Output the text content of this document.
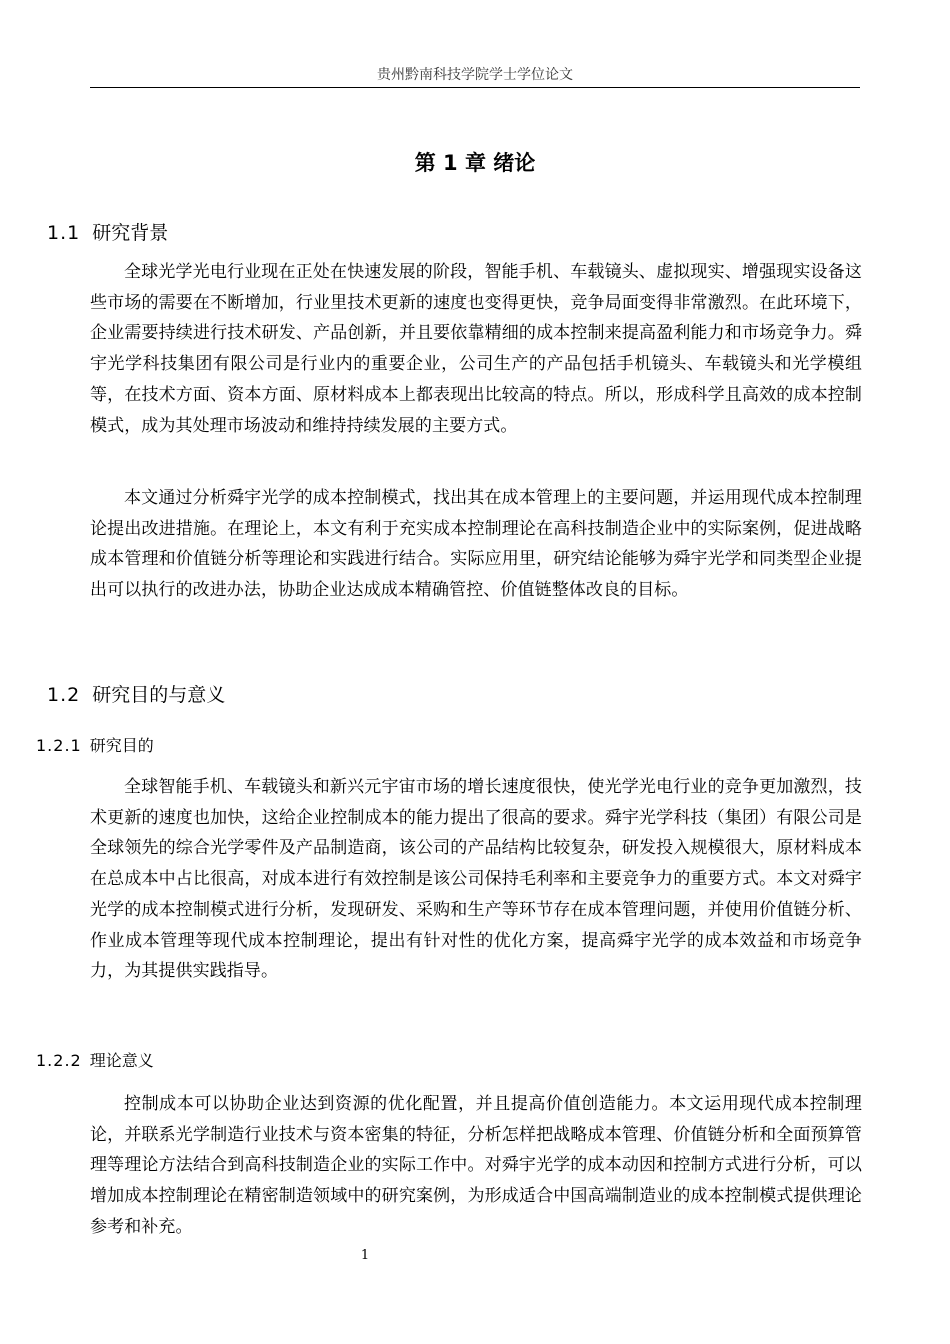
贵州黔南科技学院学士学位论文
第 1 章 绪论
1.1 研究背景

全球光学光电行业现在正处在快速发展的阶段，智能手机、车载镜头、虚拟现实、增强现实设备这些市场的需要在不断增加，行业里技术更新的速度也变得更快，竞争局面变得非常激烈。在此环境下，企业需要持续进行技术研发、产品创新，并且要依靠精细的成本控制来提高盈利能力和市场竞争力。舜宇光学科技集团有限公司是行业内的重要企业，公司生产的产品包括手机镜头、车载镜头和光学模组等，在技术方面、资本方面、原材料成本上都表现出比较高的特点。所以，形成科学且高效的成本控制模式，成为其处理市场波动和维持持续发展的主要方式。

本文通过分析舜宇光学的成本控制模式，找出其在成本管理上的主要问题，并运用现代成本控制理论提出改进措施。在理论上，本文有利于充实成本控制理论在高科技制造企业中的实际案例，促进战略成本管理和价值链分析等理论和实践进行结合。实际应用里，研究结论能够为舜宇光学和同类型企业提出可以执行的改进办法，协助企业达成成本精确管控、价值链整体改良的目标。

1.2 研究目的与意义
1.2.1 研究目的

全球智能手机、车载镜头和新兴元宇宙市场的增长速度很快，使光学光电行业的竞争更加激烈，技术更新的速度也加快，这给企业控制成本的能力提出了很高的要求。舜宇光学科技（集团）有限公司是全球领先的综合光学零件及产品制造商，该公司的产品结构比较复杂，研发投入规模很大，原材料成本在总成本中占比很高，对成本进行有效控制是该公司保持毛利率和主要竞争力的重要方式。本文对舜宇光学的成本控制模式进行分析，发现研发、采购和生产等环节存在成本管理问题，并使用价值链分析、作业成本管理等现代成本控制理论，提出有针对性的优化方案，提高舜宇光学的成本效益和市场竞争力，为其提供实践指导。

1.2.2 理论意义

控制成本可以协助企业达到资源的优化配置，并且提高价值创造能力。本文运用现代成本控制理论，并联系光学制造行业技术与资本密集的特征，分析怎样把战略成本管理、价值链分析和全面预算管理等理论方法结合到高科技制造企业的实际工作中。对舜宇光学的成本动因和控制方式进行分析，可以增加成本控制理论在精密制造领域中的研究案例，为形成适合中国高端制造业的成本控制模式提供理论参考和补充。

1
